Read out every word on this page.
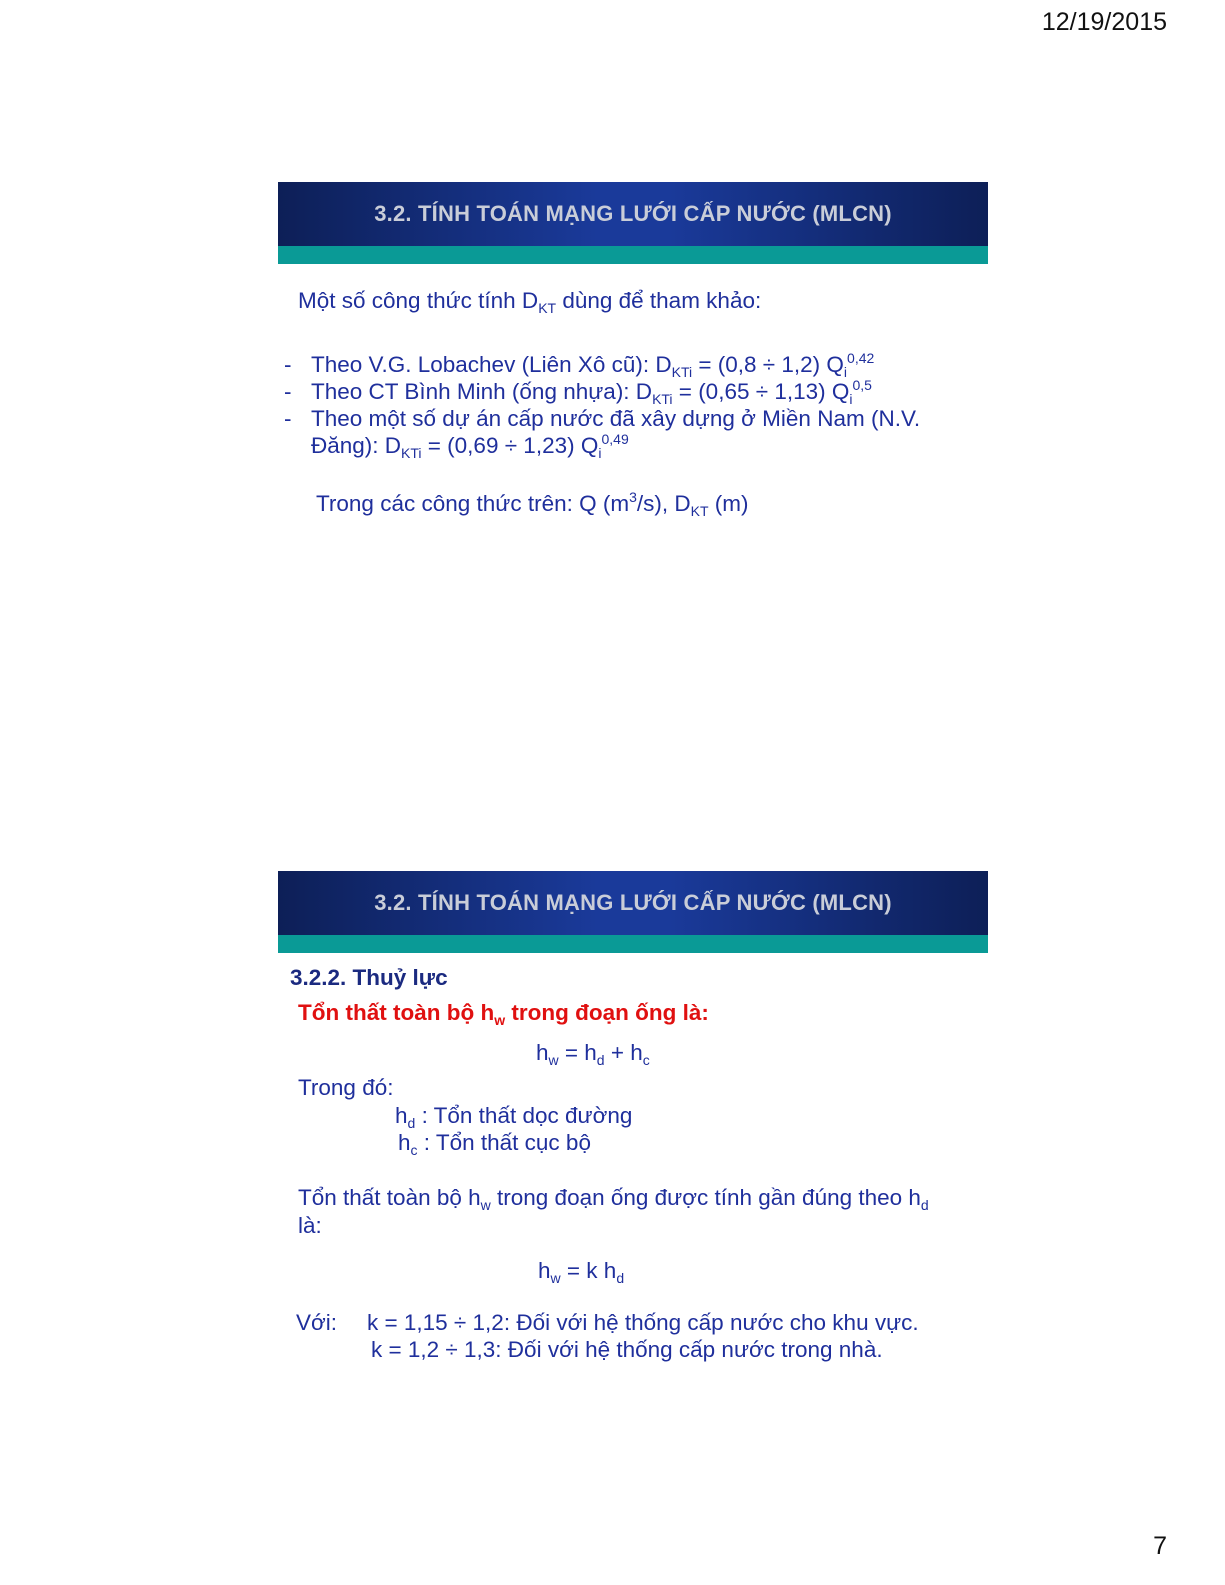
12/19/2015
3.2. TÍNH TOÁN MẠNG LƯỚI CẤP NƯỚC (MLCN)
Một số công thức tính $D_{KT}$ dùng để tham khảo:
- Theo V.G. Lobachev (Liên Xô cũ): $D_{KTi} = (0,8 \div 1,2)$ $Q_i^{0,42}$
- Theo CT Bình Minh (ống nhựa): $D_{KTi} = (0,65 \div 1,13)$ $Q_i^{0,5}$
- Theo một số dự án cấp nước đã xây dựng ở Miền Nam (N.V.
Đăng): $D_{KTi} = (0,69 \div 1,23)$ $Q_i^{0,49}$
Trong các công thức trên: Q $(m^3/s)$, $D_{KT}$ (m)
3.2. TÍNH TOÁN MẠNG LƯỚI CẤP NƯỚC (MLCN)
3.2.2. Thuỷ lực
Tổn thất toàn bộ $h_w$ trong đoạn ống là:
$h_w = h_d + h_c$
Trong đó:
$h_d$ : Tổn thất dọc đường
$h_c$ : Tổn thất cục bộ
Tổn thất toàn bộ $h_w$ trong đoạn ống được tính gần đúng theo $h_d$
là:
$h_w = k$ $h_d$
Với: k = 1,15 ÷ 1,2: Đối với hệ thống cấp nước cho khu vực.
k = 1,2 ÷ 1,3: Đối với hệ thống cấp nước trong nhà.
7
